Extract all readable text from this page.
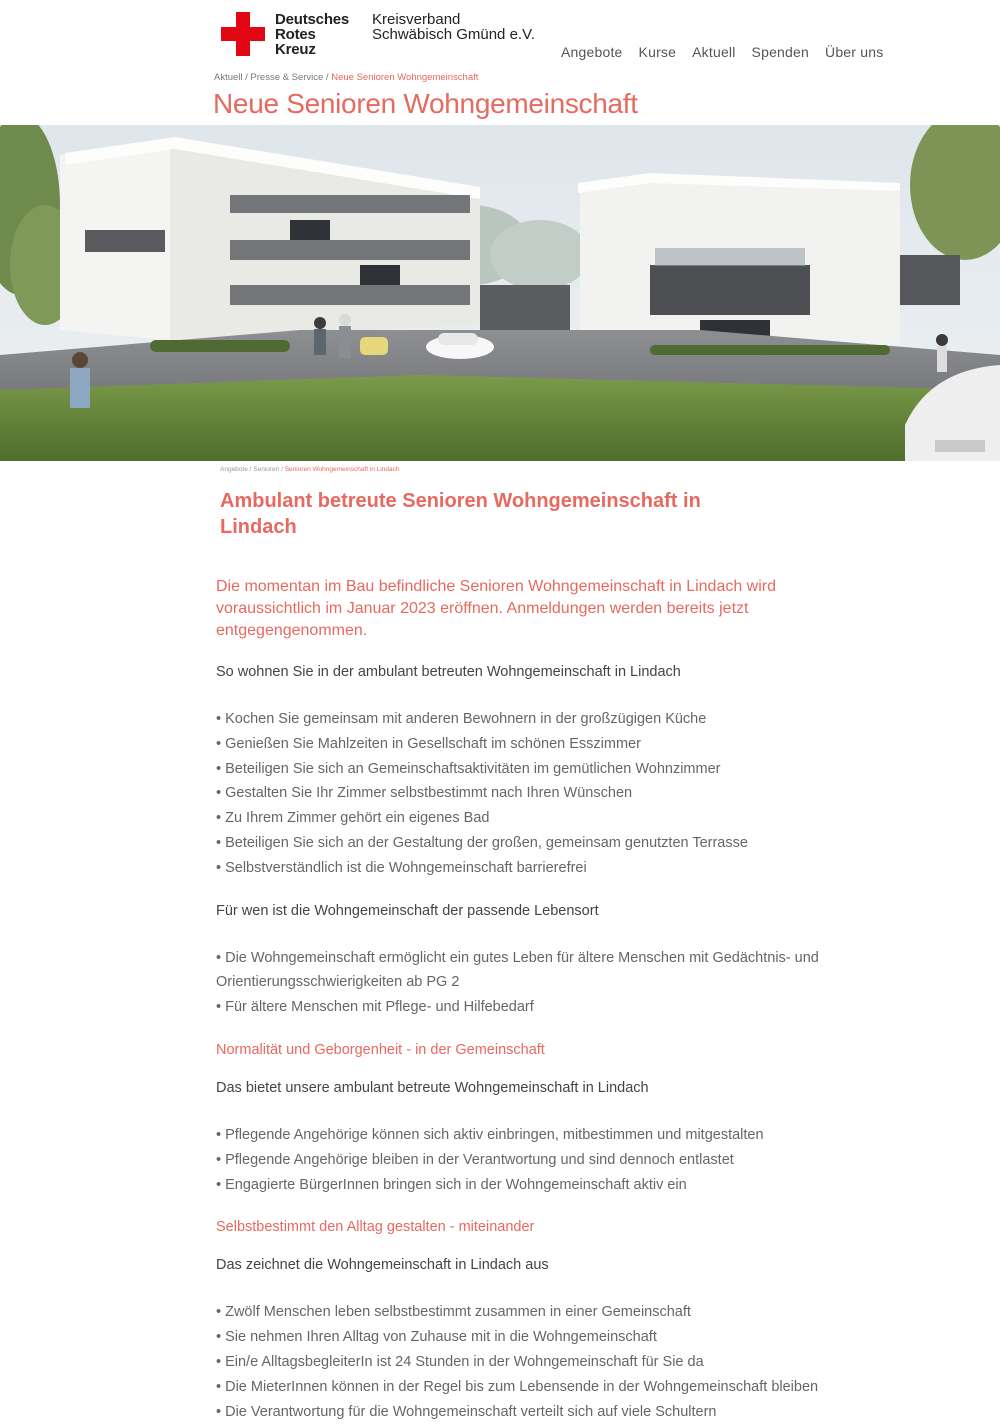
Deutsches
Rotes
Kreuz
Kreisverband
Schwäbisch Gmünd e.V.
Angebote Kurse Aktuell Spenden Über uns
Aktuell / Presse & Service / Neue Senioren Wohngemeinschaft
Neue Senioren Wohngemeinschaft
Angebote / Senioren / Senioren Wohngemeinschaft in Lindach
Ambulant betreute Senioren Wohngemeinschaft in Lindach

Die momentan im Bau befindliche Senioren Wohngemeinschaft in Lindach wird voraussichtlich im Januar 2023 eröffnen. Anmeldungen werden bereits jetzt entgegengenommen.

So wohnen Sie in der ambulant betreuten Wohngemeinschaft in Lindach

• Kochen Sie gemeinsam mit anderen Bewohnern in der großzügigen Küche
• Genießen Sie Mahlzeiten in Gesellschaft im schönen Esszimmer
• Beteiligen Sie sich an Gemeinschaftsaktivitäten im gemütlichen Wohnzimmer
• Gestalten Sie Ihr Zimmer selbstbestimmt nach Ihren Wünschen
• Zu Ihrem Zimmer gehört ein eigenes Bad
• Beteiligen Sie sich an der Gestaltung der großen, gemeinsam genutzten Terrasse
• Selbstverständlich ist die Wohngemeinschaft barrierefrei

Für wen ist die Wohngemeinschaft der passende Lebensort

• Die Wohngemeinschaft ermöglicht ein gutes Leben für ältere Menschen mit Gedächtnis- und Orientierungsschwierigkeiten ab PG 2
• Für ältere Menschen mit Pflege- und Hilfebedarf

Normalität und Geborgenheit - in der Gemeinschaft

Das bietet unsere ambulant betreute Wohngemeinschaft in Lindach

• Pflegende Angehörige können sich aktiv einbringen, mitbestimmen und mitgestalten
• Pflegende Angehörige bleiben in der Verantwortung und sind dennoch entlastet
• Engagierte BürgerInnen bringen sich in der Wohngemeinschaft aktiv ein

Selbstbestimmt den Alltag gestalten - miteinander

Das zeichnet die Wohngemeinschaft in Lindach aus

• Zwölf Menschen leben selbstbestimmt zusammen in einer Gemeinschaft
• Sie nehmen Ihren Alltag von Zuhause mit in die Wohngemeinschaft
• Ein/e AlltagsbegleiterIn ist 24 Stunden in der Wohngemeinschaft für Sie da
• Die MieterInnen können in der Regel bis zum Lebensende in der Wohngemeinschaft bleiben
• Die Verantwortung für die Wohngemeinschaft verteilt sich auf viele Schultern
